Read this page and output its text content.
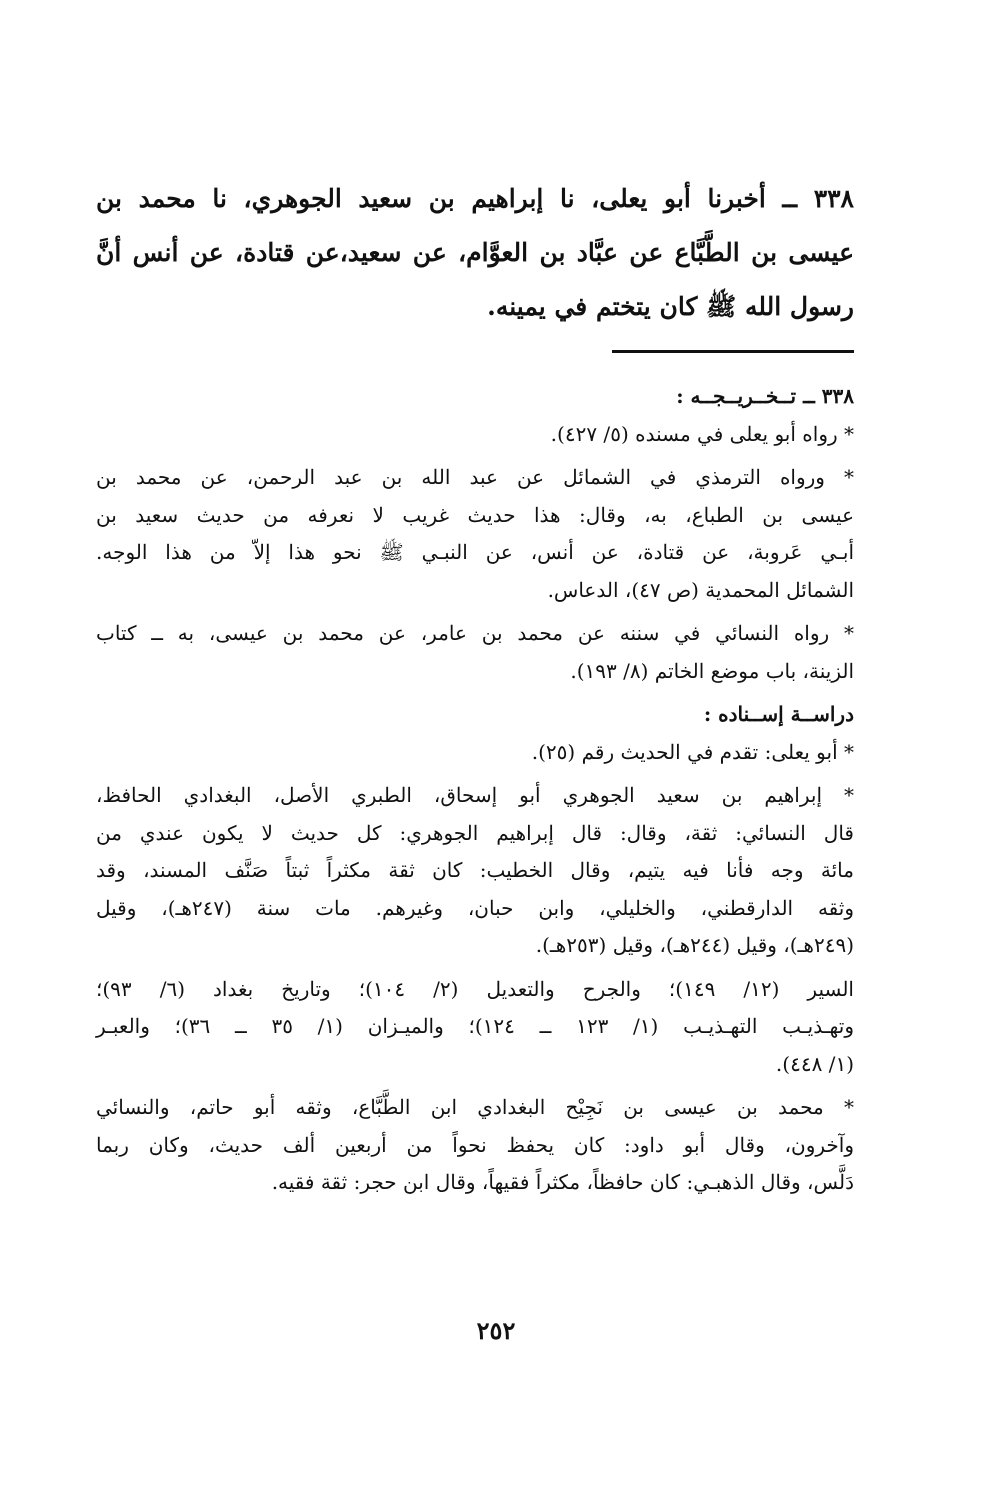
٣٣٨ ــ أخبرنا أبو يعلى، نا إبراهيم بن سعيد الجوهري، نا محمد بن
عيسى بن الطَّبَّاع عن عبَّاد بن العوَّام، عن سعيد،عن قتادة، عن أنس أنَّ
رسول الله ﷺ كان يتختم في يمينه.
٣٣٨ ــ تــخــريــجــه :
* رواه أبو يعلى في مسنده (٥/ ٤٢٧).
* ورواه الترمذي في الشمائل عن عبد الله بن عبد الرحمن، عن محمد بن
عيسى بن الطباع، به، وقال: هذا حديث غريب لا نعرفه من حديث سعيد بن
أبـي عَروبة، عن قتادة، عن أنس، عن النبـي ﷺ نحو هذا إلاّ من هذا الوجه.
الشمائل المحمدية (ص ٤٧)، الدعاس.
* رواه النسائي في سننه عن محمد بن عامر، عن محمد بن عيسى، به ــ كتاب
الزينة، باب موضع الخاتم (٨/ ١٩٣).
دراســة إســناده :
* أبو يعلى: تقدم في الحديث رقم (٢٥).
* إبراهيم بن سعيد الجوهري أبو إسحاق، الطبري الأصل، البغدادي الحافظ،
قال النسائي: ثقة، وقال: قال إبراهيم الجوهري: كل حديث لا يكون عندي من
مائة وجه فأنا فيه يتيم، وقال الخطيب: كان ثقة مكثراً ثبتاً صَنَّف المسند، وقد
وثقه الدارقطني، والخليلي، وابن حبان، وغيرهم. مات سنة (٢٤٧هـ)، وقيل
(٢٤٩هـ)، وقيل (٢٤٤هـ)، وقيل (٢٥٣هـ).
السير (١٢/ ١٤٩)؛ والجرح والتعديل (٢/ ١٠٤)؛ وتاريخ بغداد (٦/ ٩٣)؛
وتهـذيـب التهـذيـب (١/ ١٢٣ ــ ١٢٤)؛ والميـزان (١/ ٣٥ ــ ٣٦)؛ والعبـر
(١/ ٤٤٨).
* محمد بن عيسى بن نَجِيْح البغدادي ابن الطَّبَّاع، وثقه أبو حاتم، والنسائي
وآخرون، وقال أبو داود: كان يحفظ نحواً من أربعين ألف حديث، وكان ربما
دَلَّس، وقال الذهبـي: كان حافظاً، مكثراً فقيهاً، وقال ابن حجر: ثقة فقيه.
٢٥٢
